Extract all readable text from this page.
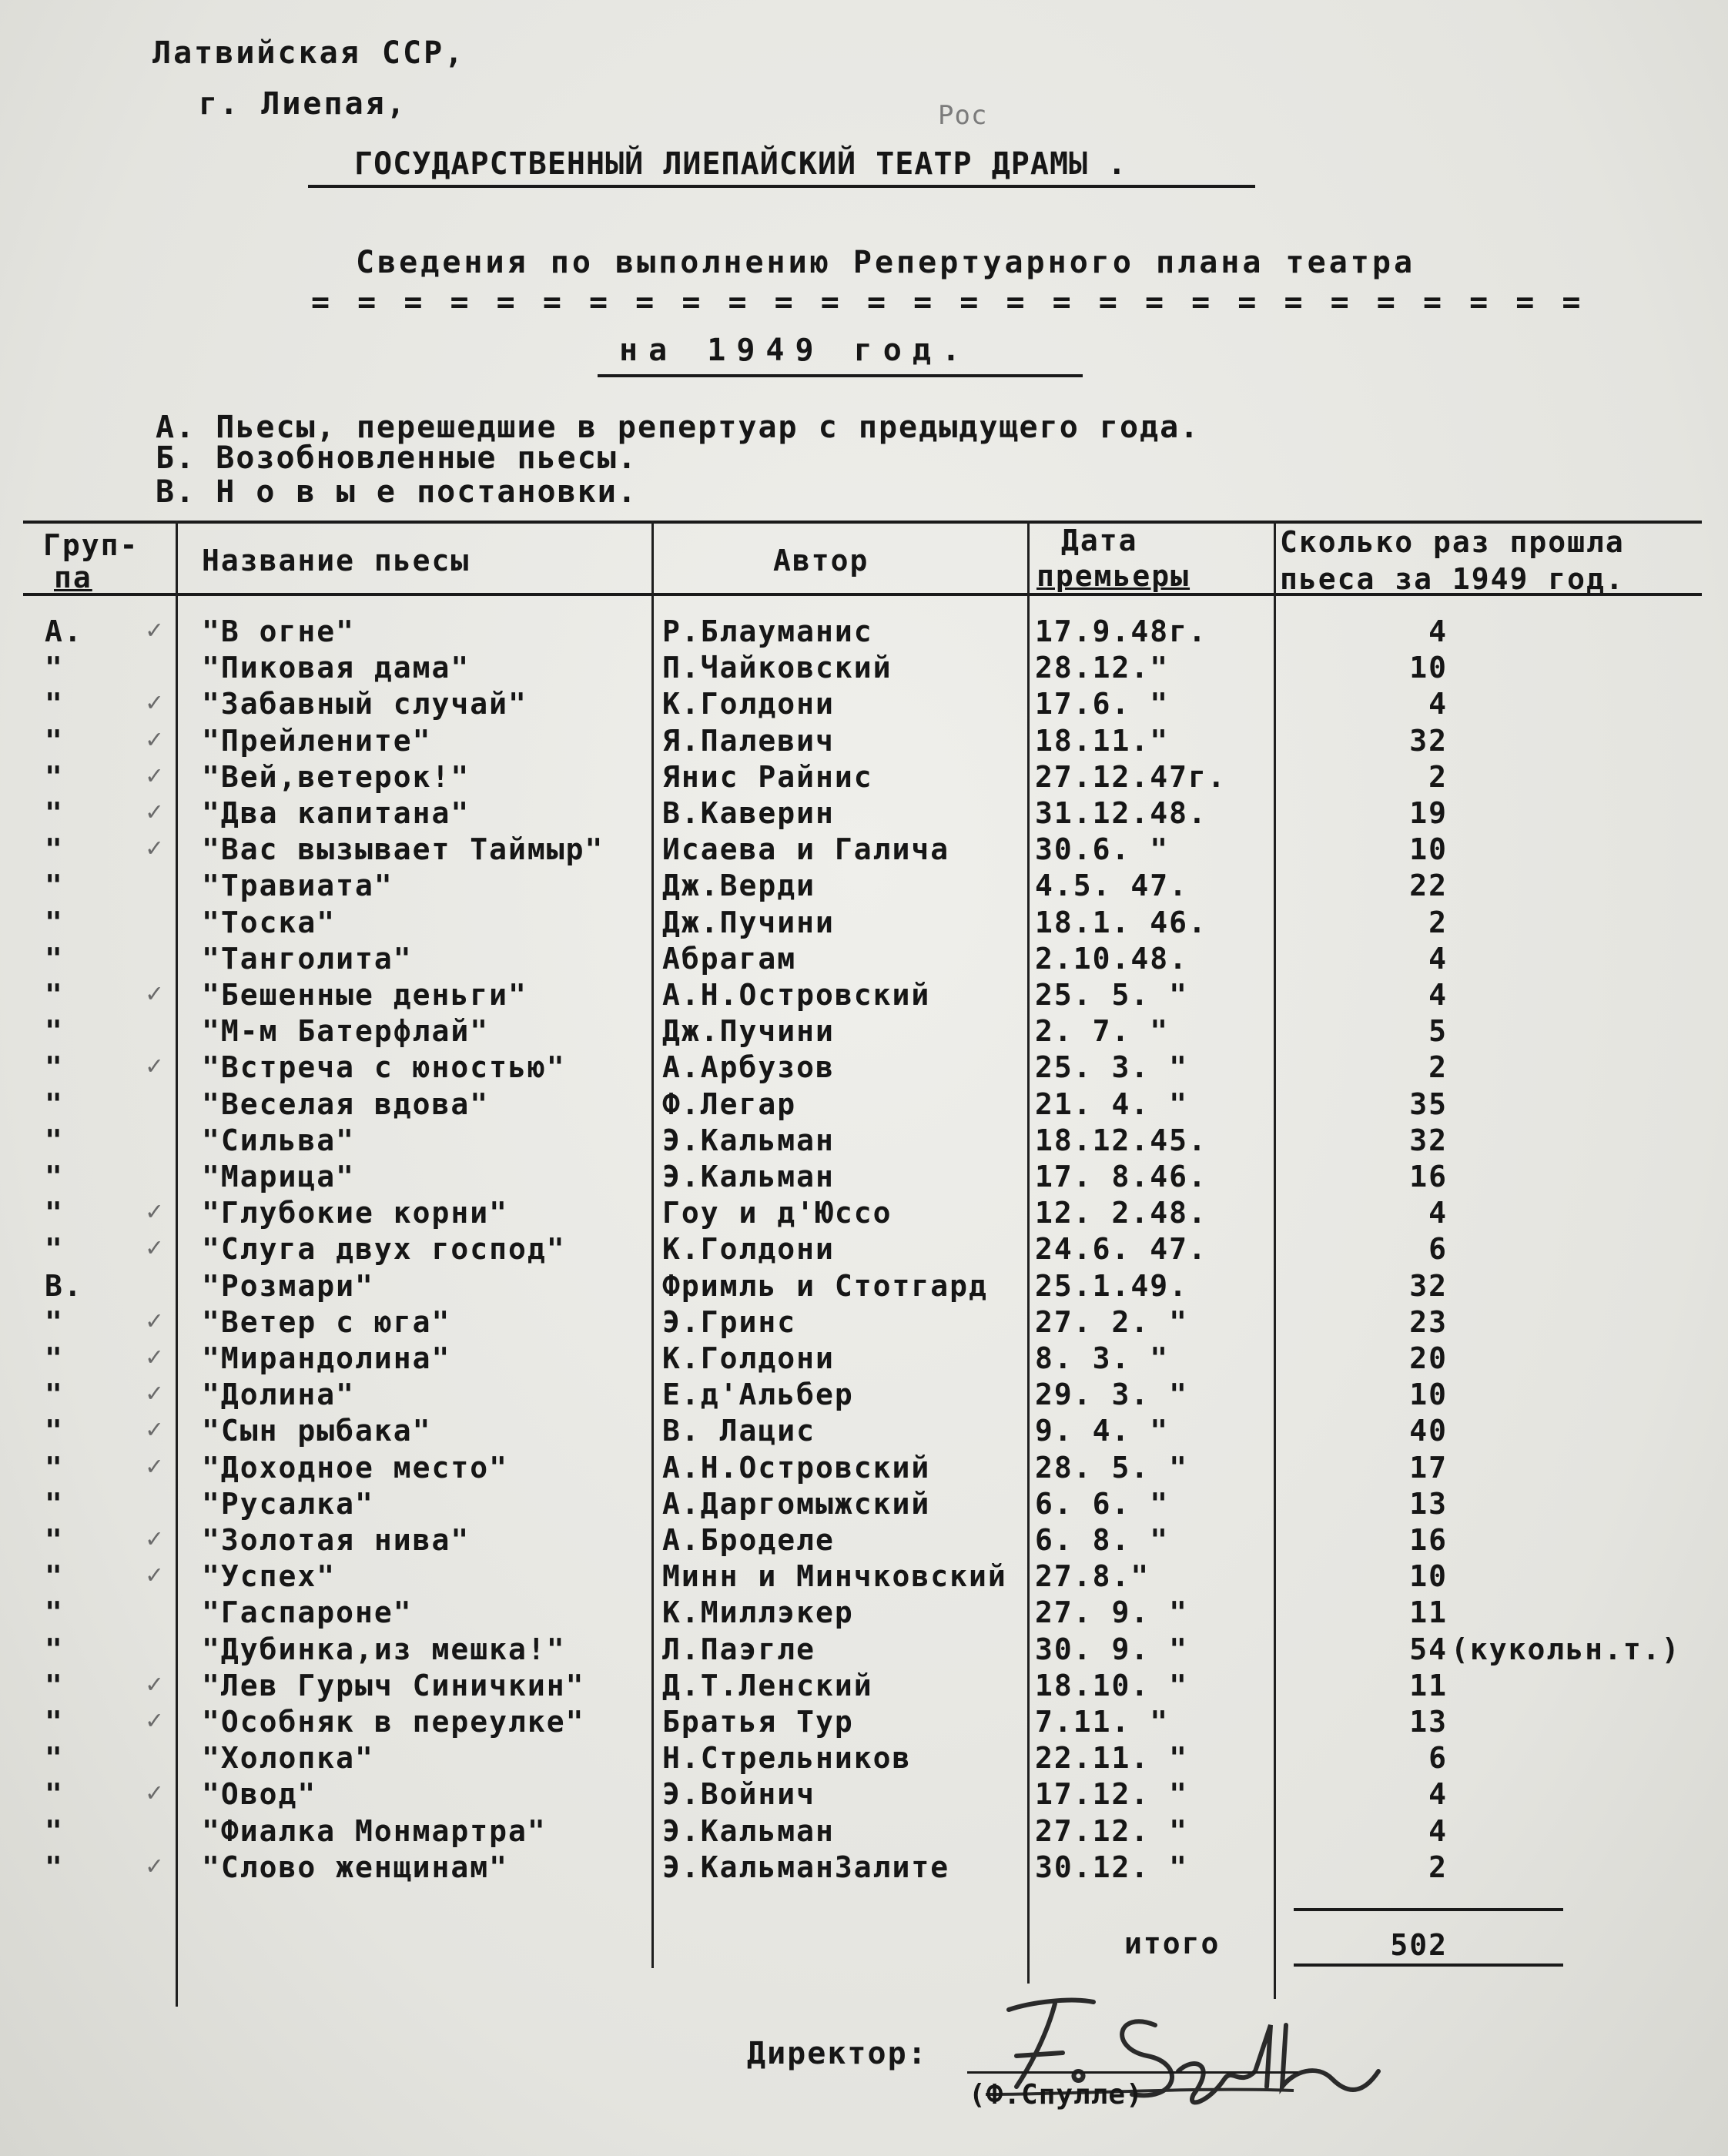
Латвийская ССР,
г. Лиепая,	Рос
ГОСУДАРСТВЕННЫЙ ЛИЕПАЙСКИЙ ТЕАТР ДРАМЫ .
Сведения по выполнению Репертуарного плана театра
= = = = = = = = = = = = = = = = = = = = = = = = = = = =
на 1949 год.
А. Пьесы, перешедшие в репертуар с предыдущего года.
Б. Возобновленные пьесы.
В. Н о в ы е постановки.
Груп-
па	Название пьесы	Автор
Дата
премьеры
Сколько раз прошла
пьеса за 1949 год.
А.	✓ "В огне"	Р.Блауманис	17.9.48г.	4
"	"Пиковая дама"	П.Чайковский	28.12."	10
"	✓ "Забавный случай"	К.Голдони	17.6. "	4
"	✓ "Прейлените"	Я.Палевич	18.11."	32
"	✓ "Вей,ветерок!"	Янис Райнис	27.12.47г.	2
"	✓ "Два капитана"	В.Каверин	31.12.48.	19
"	✓ "Вас вызывает Таймыр" Исаева и Галича	30.6. "	10
"	"Травиата"	Дж.Верди	4.5. 47.	22
"	"Тоска"	Дж.Пучини	18.1. 46.	2
"	"Танголита"	Абрагам	2.10.48.	4
"	✓ "Бешенные деньги"	А.Н.Островский	25. 5. "	4
"	"М-м Батерфлай"	Дж.Пучини	2. 7. "	5
"	✓ "Встреча с юностью"	А.Арбузов	25. 3. "	2
"	"Веселая вдова"	Ф.Легар	21. 4. "	35
"	"Сильва"	Э.Кальман	18.12.45.	32
"	"Марица"	Э.Кальман	17. 8.46.	16
"	✓ "Глубокие корни"	Гоу и д'Юссо	12. 2.48.	4
"	✓ "Слуга двух господ"	К.Голдони	24.6. 47.	6
В.	"Розмари"	Фримль и Стотгард 25.1.49.	32
"	✓ "Ветер с юга"	Э.Гринс	27. 2. "	23
"	✓ "Мирандолина"	К.Голдони	8. 3. "	20
"	✓ "Долина"	Е.д'Альбер	29. 3. "	10
"	✓ "Сын рыбака"	В. Лацис	9. 4. "	40
"	✓ "Доходное место"	А.Н.Островский	28. 5. "	17
"	"Русалка"	А.Даргомыжский	6. 6. "	13
"	✓ "Золотая нива"	А.Броделе	6. 8. "	16
"	✓ "Успех"	Минн и Минчковский 27.8."	10
"	"Гаспароне"	К.Миллэкер	27. 9. "	11
"	"Дубинка,из мешка!"	Л.Паэгле	30. 9. "	54 (кукольн.т.)
"	✓ "Лев Гурыч Синичкин"	Д.Т.Ленский	18.10. "	11
"	✓ "Особняк в переулке"	Братья Тур	7.11. "	13
"	"Холопка"	Н.Стрельников	22.11. "	6
"	✓ "Овод"	Э.Войнич	17.12. "	4
"	"Фиалка Монмартра"	Э.Кальман	27.12. "	4
"	✓ "Слово женщинам"	Э.КальманЗалите	30.12. "	2
итого	502
Директор:
(Ф.Спулле)
